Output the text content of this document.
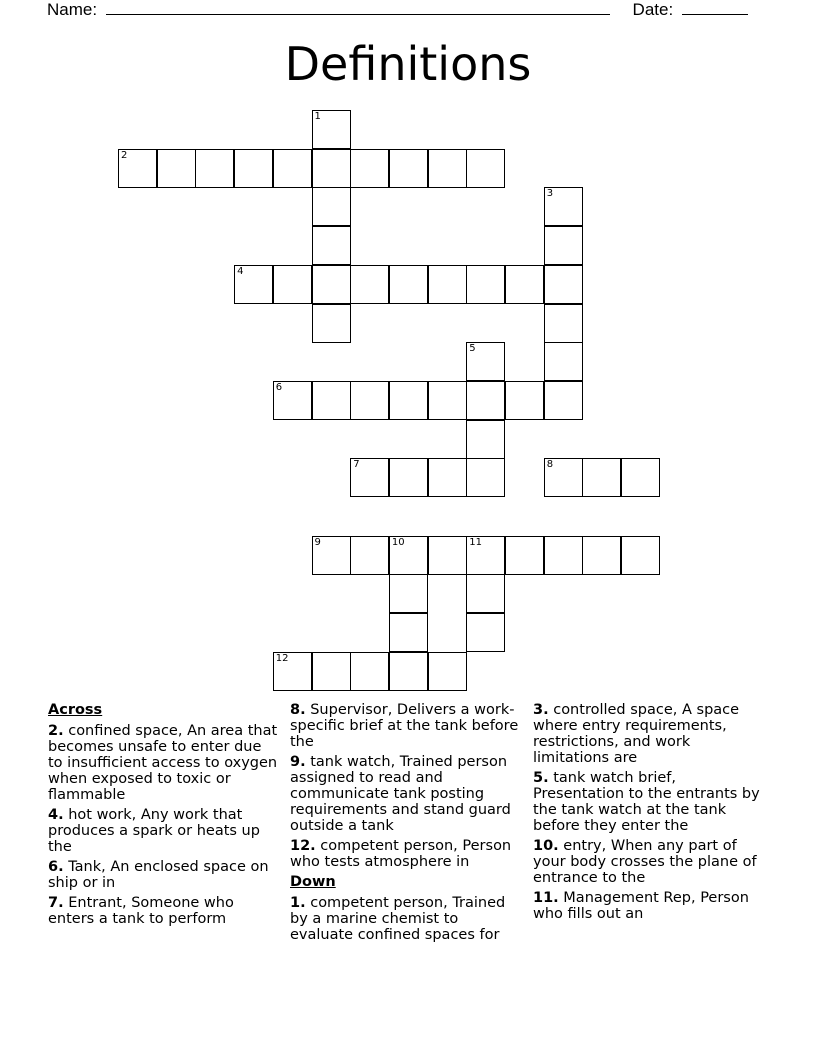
Name:	Date:
Definitions
2
4
6
7	8
9	10	11
12
1
3
5
Across
2. confined space, An area that becomes unsafe to enter due to insufficient access to oxygen when exposed to toxic or flammable
4. hot work, Any work that produces a spark or heats up the
6. Tank, An enclosed space on ship or in
7. Entrant, Someone who enters a tank to perform
8. Supervisor, Delivers a work-specific brief at the tank before the
9. tank watch, Trained person assigned to read and communicate tank posting requirements and stand guard outside a tank
12. competent person, Person who tests atmosphere in
Down
1. competent person, Trained by a marine chemist to evaluate confined spaces for
3. controlled space, A space where entry requirements, restrictions, and work limitations are
5. tank watch brief, Presentation to the entrants by the tank watch at the tank before they enter the
10. entry, When any part of your body crosses the plane of entrance to the
11. Management Rep, Person who fills out an
